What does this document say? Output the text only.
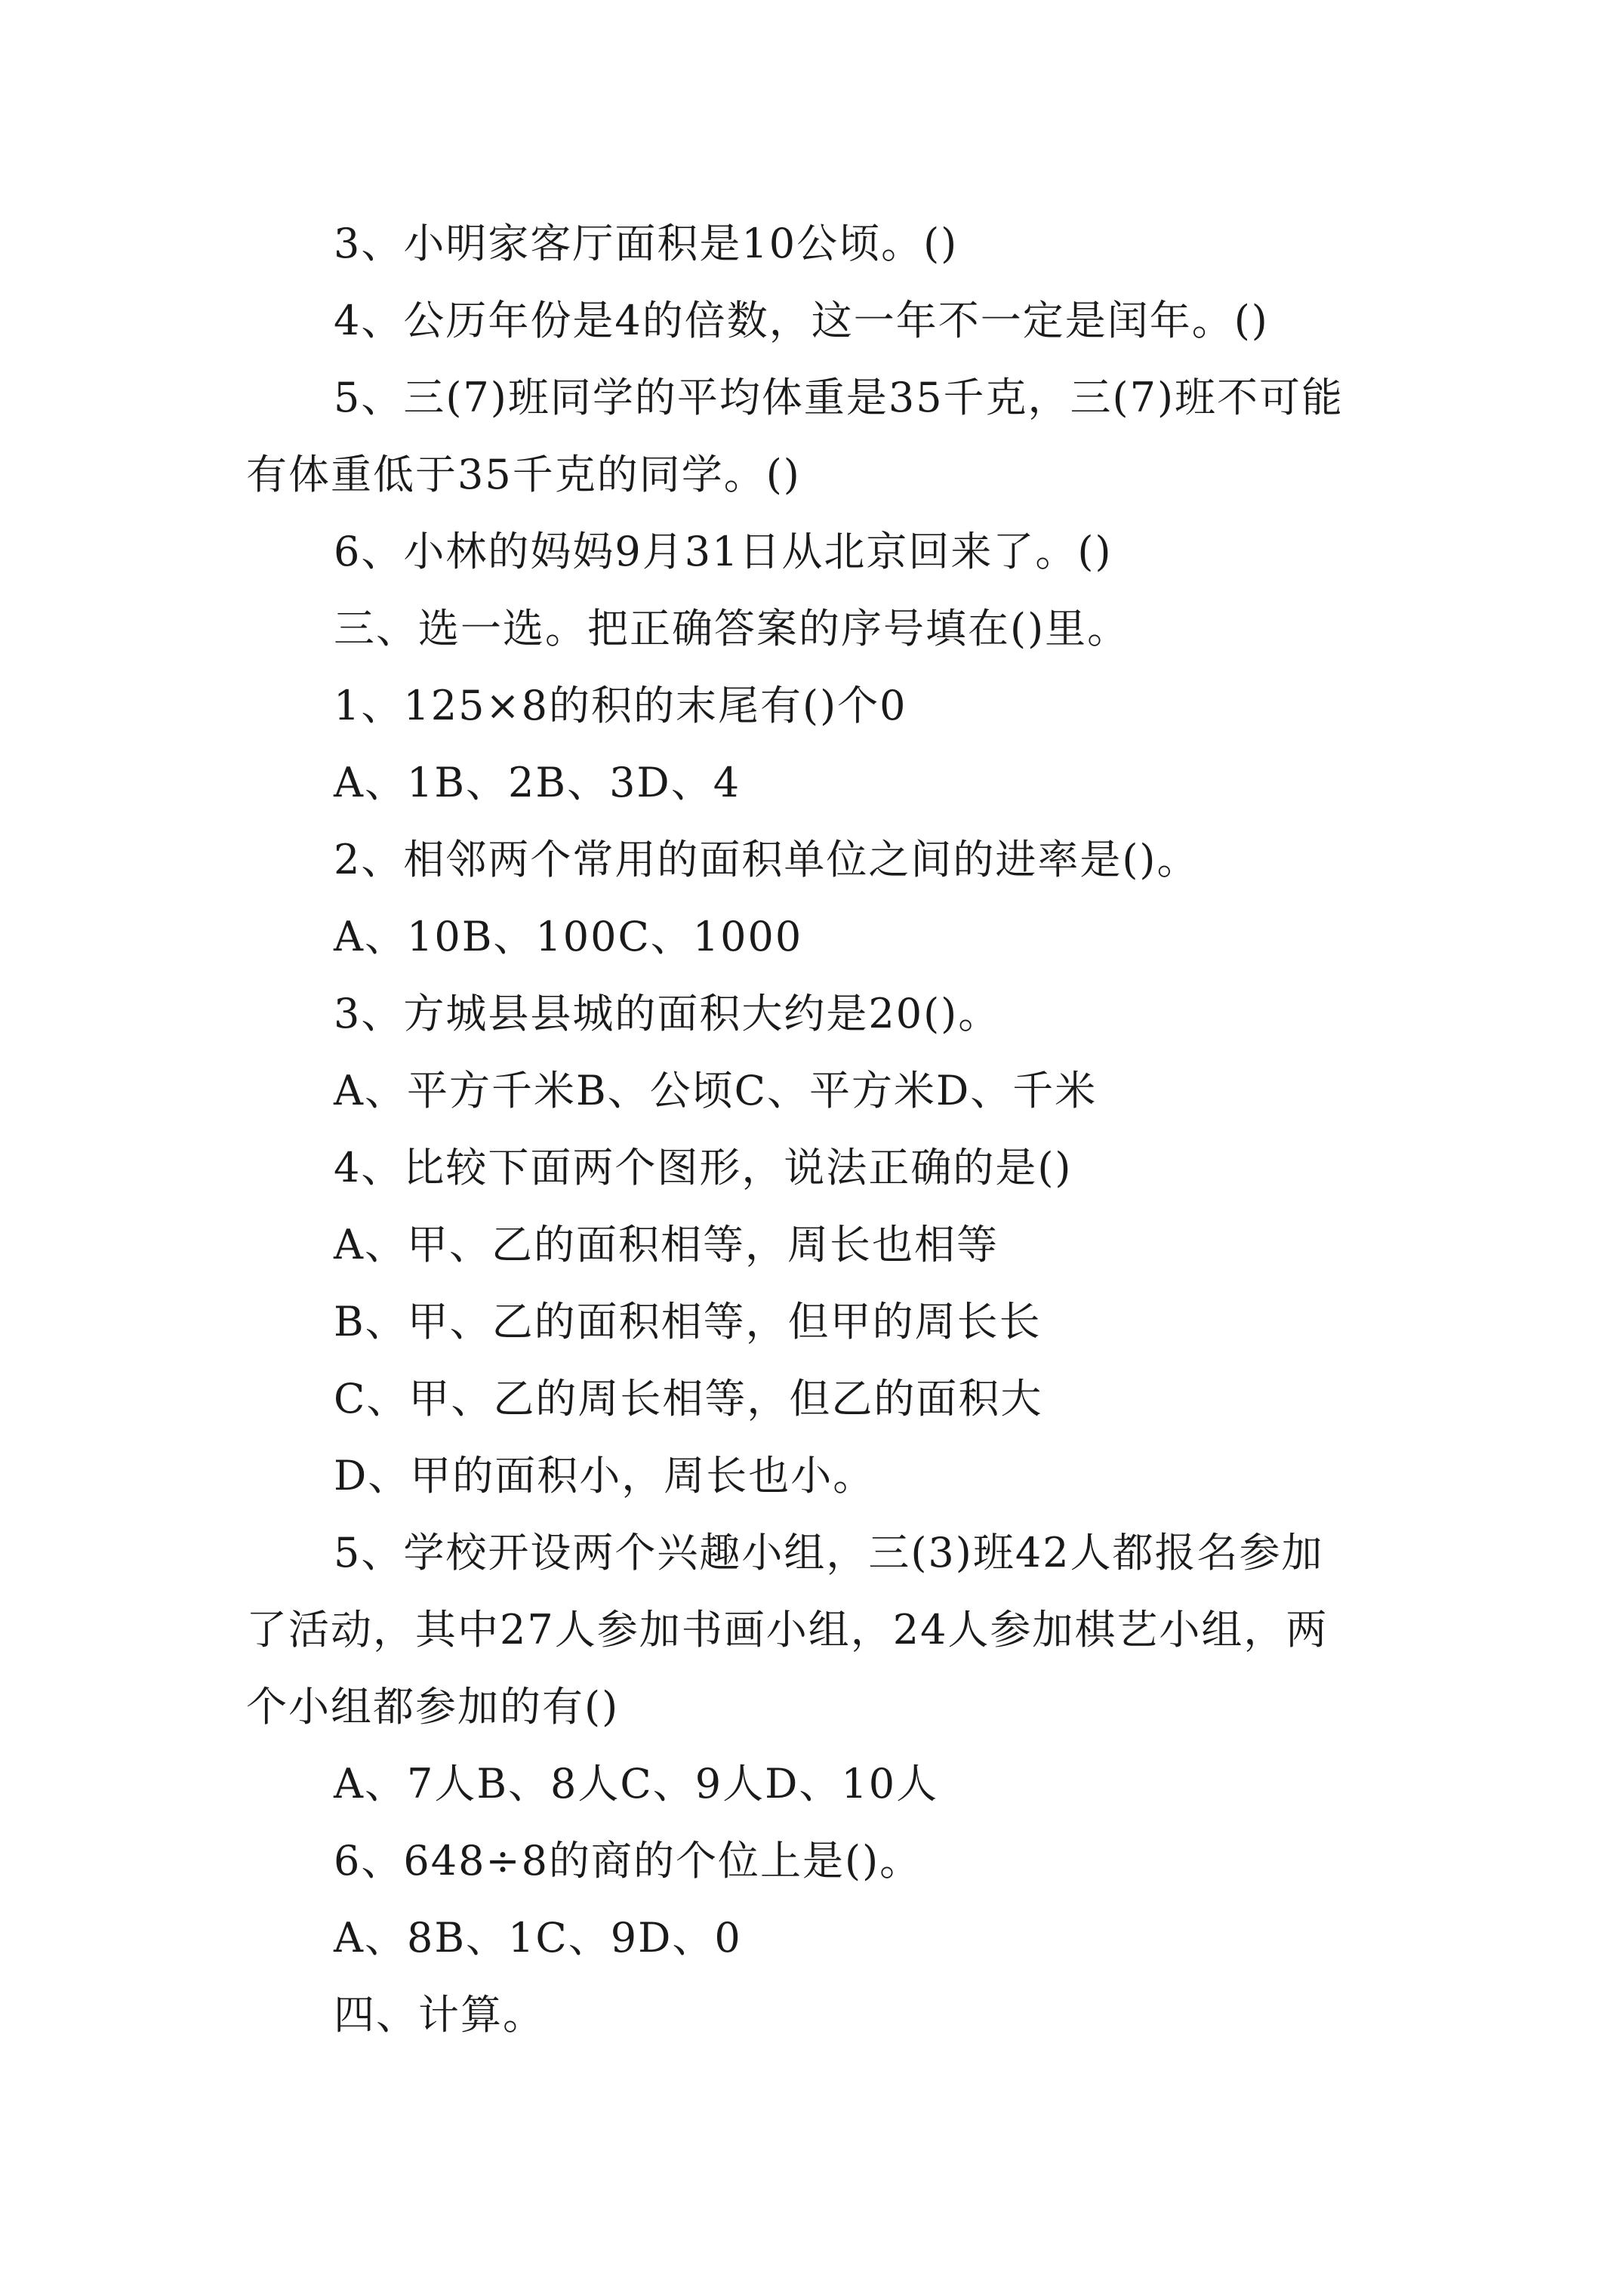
3、小明家客厅面积是10公顷。()
4、公历年份是4的倍数，这一年不一定是闰年。()
5、三(7)班同学的平均体重是35千克，三(7)班不可能
有体重低于35千克的同学。()
6、小林的妈妈9月31日从北京回来了。()
三、选一选。把正确答案的序号填在()里。
1、125×8的积的末尾有()个0
A、1B、2B、3D、4
2、相邻两个常用的面积单位之间的进率是()。
A、10B、100C、1000
3、方城县县城的面积大约是20()。
A、平方千米B、公顷C、平方米D、千米
4、比较下面两个图形，说法正确的是()
A、甲、乙的面积相等，周长也相等
B、甲、乙的面积相等，但甲的周长长
C、甲、乙的周长相等，但乙的面积大
D、甲的面积小，周长也小。
5、学校开设两个兴趣小组，三(3)班42人都报名参加
了活动，其中27人参加书画小组，24人参加棋艺小组，两
个小组都参加的有()
A、7人B、8人C、9人D、10人
6、648÷8的商的个位上是()。
A、8B、1C、9D、0
四、计算。
